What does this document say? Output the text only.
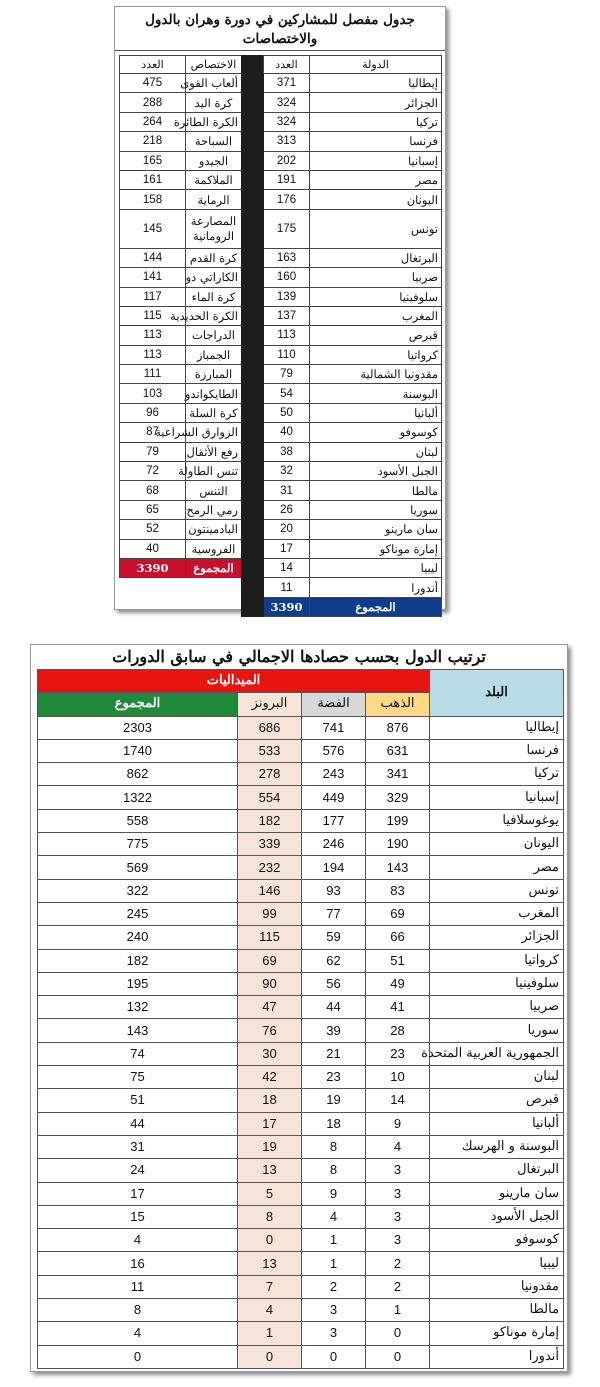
جدول مفصل للمشاركين في دورة وهران بالدول والاختصاصات
الدولة	العدد		الاختصاص	العدد
إيطاليا	371		ألعاب القوى	475
الجزائر	324		كرة اليد	288
تركيا	324		الكرة الطائرة	264
فرنسا	313		السباحة	218
إسبانيا	202		الجيدو	165
مصر	191		الملاكمة	161
اليونان	176		الرماية	158
تونس	175		المصارعة الرومانية	145
البرتغال	163		كرة القدم	144
صربيا	160		الكاراتي دو	141
سلوفينيا	139		كرة الماء	117
المغرب	137		الكرة الحديدية	115
قبرص	113		الدراجات	113
كرواتيا	110		الجمباز	113
مقدونيا الشمالية	79		المبارزة	111
البوسنة	54		الطايكواندو	103
ألبانيا	50		كرة السلة	96
كوسوفو	40		الزوارق الشراعية	87
لبنان	38		رفع الأثقال	79
الجبل الأسود	32		تنس الطاولة	72
مالطا	31		التنس	68
سوريا	26		رمي الرمح	65
سان مارينو	20		البادمينتون	52
إمارة موناكو	17		الفروسية	40
ليبيا	14		المجموع	3390
أندورا	11			
المجموع	3390			
ترتيب الدول بحسب حصادها الاجمالي في سابق الدورات
البلد	الميداليات			
	الذهب	الفضة	البرونز	المجموع
إيطاليا	876	741	686	2303
فرنسا	631	576	533	1740
تركيا	341	243	278	862
إسبانيا	329	449	554	1322
يوغوسلافيا	199	177	182	558
اليونان	190	246	339	775
مصر	143	194	232	569
تونس	83	93	146	322
المغرب	69	77	99	245
الجزائر	66	59	115	240
كرواتيا	51	62	69	182
سلوفينيا	49	56	90	195
صربيا	41	44	47	132
سوريا	28	39	76	143
الجمهورية العربية المتحدة	23	21	30	74
لبنان	10	23	42	75
قبرص	14	19	18	51
ألبانيا	9	18	17	44
البوسنة و الهرسك	4	8	19	31
البرتغال	3	8	13	24
سان مارينو	3	9	5	17
الجبل الأسود	3	4	8	15
كوسوفو	3	1	0	4
ليبيا	2	1	13	16
مقدونيا	2	2	7	11
مالطا	1	3	4	8
إمارة موناكو	0	3	1	4
أندورا	0	0	0	0
